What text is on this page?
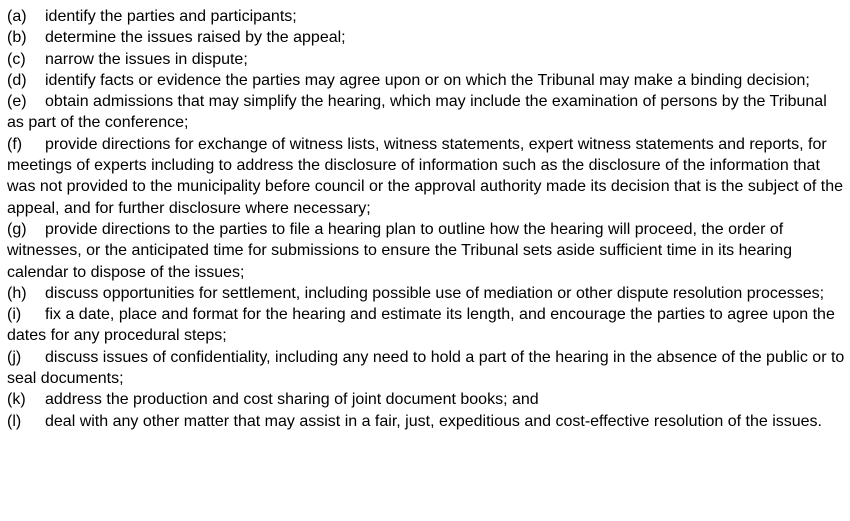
(a) identify the parties and participants;
(b) determine the issues raised by the appeal;
(c) narrow the issues in dispute;
(d) identify facts or evidence the parties may agree upon or on which the Tribunal may make a binding decision;
(e) obtain admissions that may simplify the hearing, which may include the examination of persons by the Tribunal as part of the conference;
(f) provide directions for exchange of witness lists, witness statements, expert witness statements and reports, for meetings of experts including to address the disclosure of information such as the disclosure of the information that was not provided to the municipality before council or the approval authority made its decision that is the subject of the appeal, and for further disclosure where necessary;
(g) provide directions to the parties to file a hearing plan to outline how the hearing will proceed, the order of witnesses, or the anticipated time for submissions to ensure the Tribunal sets aside sufficient time in its hearing calendar to dispose of the issues;
(h) discuss opportunities for settlement, including possible use of mediation or other dispute resolution processes;
(i) fix a date, place and format for the hearing and estimate its length, and encourage the parties to agree upon the dates for any procedural steps;
(j) discuss issues of confidentiality, including any need to hold a part of the hearing in the absence of the public or to seal documents;
(k) address the production and cost sharing of joint document books; and
(l) deal with any other matter that may assist in a fair, just, expeditious and cost-effective resolution of the issues.
